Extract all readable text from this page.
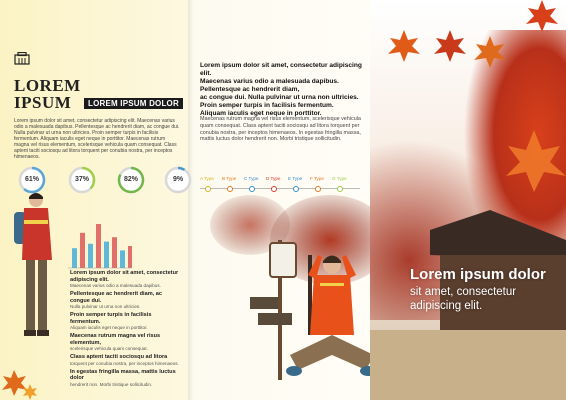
LOREM
IPSUM	LOREM IPSUM DOLOR
Lorem ipsum dolor sit amet, consectetur adipiscing elit. Maecenas varius odio a malesuada dapibus. Pellentesque ac hendrerit diam, ac congue dui. Nulla pulvinar ut urna non ultricies. Proin semper turpis in facilisis fermentum. Aliquam iaculis eget neque in porttitor. Maecenas rutrum magna vel risus elementum, scelerisque vehicula quam consequat. Class aptent taciti sociosqu ad litora torquent per conubia nostra, per inceptos himenaeos.
61%	37%	82%	9%
Lorem ipsum dolor sit amet, consectetur adipiscing elit.
Maecenas varius odio a malesuada dapibus.
Pellentesque ac hendrerit diam, ac congue dui.
Nulla pulvinar ut urna non ultricies.
Proin semper turpis in facilisis fermentum.
Aliquam iaculis eget neque in porttitor.
Maecenas rutrum magna vel risus elementum,
scelerisque vehicula quam consequat.
Class aptent taciti sociosqu ad litora
torquent per conubia nostra, per inceptos himenaeos.
In egestas fringilla massa, mattis luctus dolor
hendrerit non. Morbi tristique sollicitudin.
Lorem ipsum dolor sit amet, consectetur adipiscing elit.
Maecenas varius odio a malesuada dapibus.
Pellentesque ac hendrerit diam,
ac congue dui. Nulla pulvinar ut urna non ultricies.
Proin semper turpis in facilisis fermentum.
Aliquam iaculis eget neque in porttitor.
Maecenas rutrum magna vel risus elementum, scelerisque vehicula quam consequat. Class aptent taciti sociosqu ad litora torquent per conubia nostra, per inceptos himenaeos. In egestas fringilla massa, mattis luctus dolor hendrerit non. Morbi tristique sollicitudin.
A Type B Type C Type D Type E Type F Type G Type
Lorem ipsum dolor
sit amet, consectetur
adipiscing elit.
